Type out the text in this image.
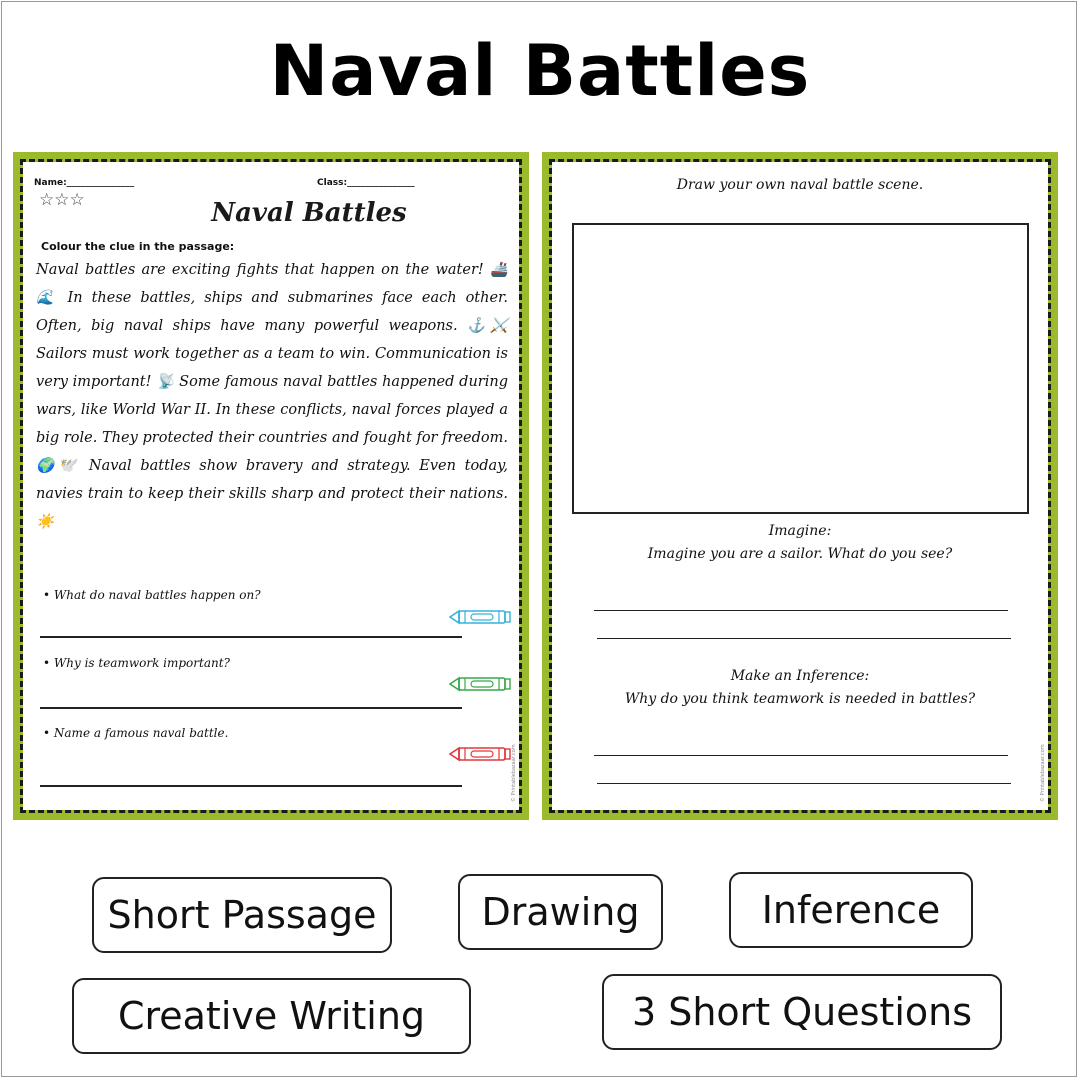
Naval Battles
Name:_______________	Class:_______________
☆☆☆	Naval Battles
Colour the clue in the passage:
Naval battles are exciting fights that happen on the water! 🚢🌊 In these battles, ships and submarines face each other. Often, big naval ships have many powerful weapons. ⚓⚔️ Sailors must work together as a team to win. Communication is very important! 📡 Some famous naval battles happened during wars, like World War II. In these conflicts, naval forces played a big role. They protected their countries and fought for freedom. 🌍🕊️ Naval battles show bravery and strategy. Even today, navies train to keep their skills sharp and protect their nations. ☀️
• What do naval battles happen on?
• Why is teamwork important?
• Name a famous naval battle.
© Printablebazaar.com
Draw your own naval battle scene.
Imagine:
Imagine you are a sailor. What do you see?
Make an Inference:
Why do you think teamwork is needed in battles?
© Printablebazaar.com
Short Passage	Drawing	Inference
Creative Writing	3 Short Questions
